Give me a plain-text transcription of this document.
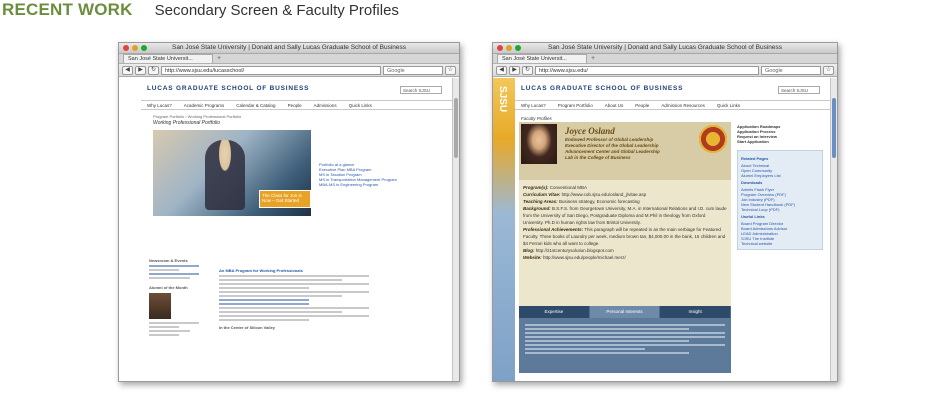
RECENT WORK Secondary Screen & Faculty Profiles
San José State University | Donald and Sally Lucas Graduate School of Business
San José State Universit...	+
◀	▶	↻	http://www.sjsu.edu/lucasschool/	Google	☆
LUCAS GRADUATE SCHOOL OF BUSINESS	Search SJSU
Why Lucas?	Academic Programs	Calendar & Catalog	People	Admissions	Quick Links
Program Portfolio › Working Professional Portfolio
Working Professional Portfolio
The Class for Jon is Now – Get Started
Portfolio at a glance
Executive Plan MBA Program
MS in Taxation Program
MS in Transportation Management Program
MBA-MS in Engineering Program
Newsroom & Events
Alumni of the Month
An MBA Program for Working Professionals
In the Center of Silicon Valley
San José State University | Donald and Sally Lucas Graduate School of Business
San José State Universit...	+
◀	▶	↻	http://www.sjsu.edu/	Google	☆
SJSU LUCAS GRADUATE SCHOOL OF BUSINESS	Search SJSU
Why Lucas?	Program Portfolio	About Us	People	Admission Resources	Quick Links
Faculty Profiles
Joyce Osland
Endowed Professor of Global Leadership
Executive Director of the Global Leadership
Advancement Center and Global Leadership
Lab in the College of Business

Program(s): Conventional MBA

Curriculum Vitae: http://www.cob.sjsu.edu/osland_j/vitae.asp

Teaching Areas: Business strategy, Economic forecasting

Background: B.S.F.S. from Georgetown University, M.A. in International Relations and I.D. cum laude from the University of San Diego, Postgraduate Diploma and M.Phil in theology from Oxford University. Ph.D in human rights law from Bristol University.

Professional Achievements: This paragraph will be repeated in as the main verbiage for Featured Faculty. Three books of Laundry per week, medium brown tan, $4,000.00 in the bank, 15 children and $4 Ferrari kids who all want to college.

Blog: http://21stcenturysolution.blogspot.com

Website: http://www.sjsu.edu/people/michael.merz/

Expertise	Personal Interests	Insight
Application Roadmaps
Application Process
Request an Interview
Start Application
Related Pages
About Technical
Open Community
Alumni Employers List
Downloads
Admits Flash Flyer
Program Overview (PDF)
Job Industry (PDF)
New Student Handbook (PDF)
Technical Loop (PDF)
Useful Links
Board Program Director
Board Admissions Advisor
LEAD Administration
SJSU The Institute
Technical website
